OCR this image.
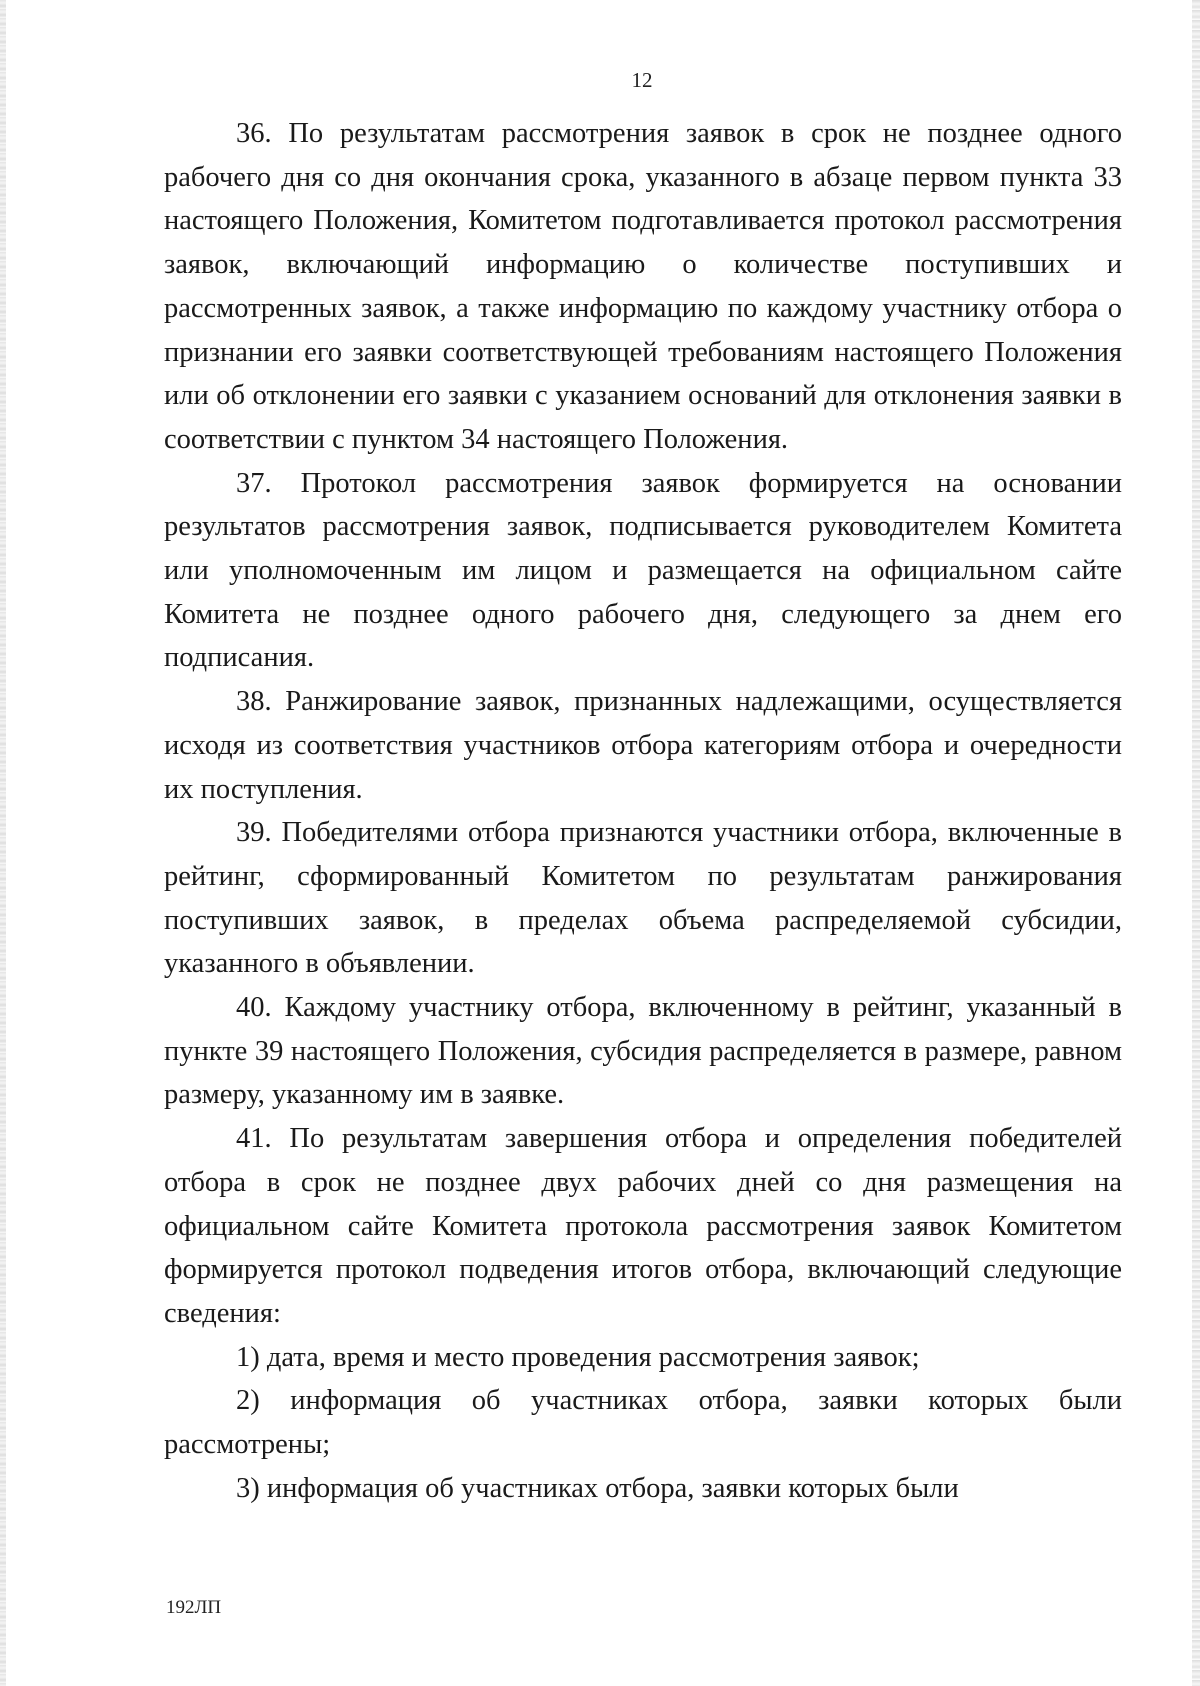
12

36. По результатам рассмотрения заявок в срок не позднее одного рабочего дня со дня окончания срока, указанного в абзаце первом пункта 33 настоящего Положения, Комитетом подготавливается протокол рассмотрения заявок, включающий информацию о количестве поступивших и рассмотренных заявок, а также информацию по каждому участнику отбора о признании его заявки соответствующей требованиям настоящего Положения или об отклонении его заявки с указанием оснований для отклонения заявки в соответствии с пунктом 34 настоящего Положения.

37. Протокол рассмотрения заявок формируется на основании результатов рассмотрения заявок, подписывается руководителем Комитета или уполномоченным им лицом и размещается на официальном сайте Комитета не позднее одного рабочего дня, следующего за днем его подписания.

38. Ранжирование заявок, признанных надлежащими, осуществляется исходя из соответствия участников отбора категориям отбора и очередности их поступления.

39. Победителями отбора признаются участники отбора, включенные в рейтинг, сформированный Комитетом по результатам ранжирования поступивших заявок, в пределах объема распределяемой субсидии, указанного в объявлении.

40. Каждому участнику отбора, включенному в рейтинг, указанный в пункте 39 настоящего Положения, субсидия распределяется в размере, равном размеру, указанному им в заявке.

41. По результатам завершения отбора и определения победителей отбора в срок не позднее двух рабочих дней со дня размещения на официальном сайте Комитета протокола рассмотрения заявок Комитетом формируется протокол подведения итогов отбора, включающий следующие сведения:

1) дата, время и место проведения рассмотрения заявок;

2) информация об участниках отбора, заявки которых были рассмотрены;

3) информация об участниках отбора, заявки которых были

192ЛП
